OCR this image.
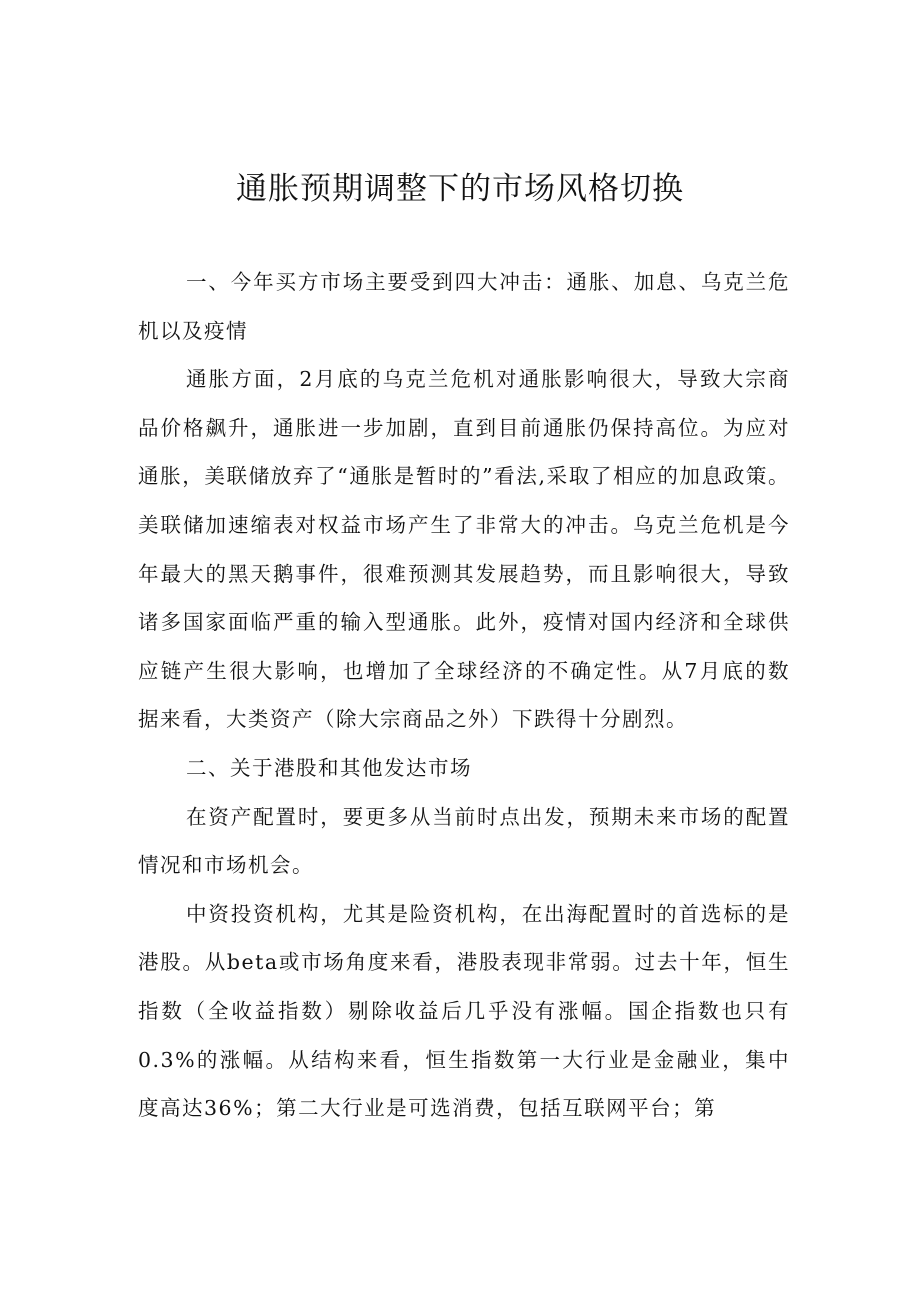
通胀预期调整下的市场风格切换

一、今年买方市场主要受到四大冲击：通胀、加息、乌克兰危机以及疫情

通胀方面，2月底的乌克兰危机对通胀影响很大，导致大宗商品价格飙升，通胀进一步加剧，直到目前通胀仍保持高位。为应对通胀，美联储放弃了“通胀是暂时的”看法,采取了相应的加息政策。美联储加速缩表对权益市场产生了非常大的冲击。乌克兰危机是今年最大的黑天鹅事件，很难预测其发展趋势，而且影响很大，导致诸多国家面临严重的输入型通胀。此外，疫情对国内经济和全球供应链产生很大影响，也增加了全球经济的不确定性。从7月底的数据来看，大类资产（除大宗商品之外）下跌得十分剧烈。

二、关于港股和其他发达市场

在资产配置时，要更多从当前时点出发，预期未来市场的配置情况和市场机会。

中资投资机构，尤其是险资机构，在出海配置时的首选标的是港股。从beta或市场角度来看，港股表现非常弱。过去十年，恒生指数（全收益指数）剔除收益后几乎没有涨幅。国企指数也只有0.3%的涨幅。从结构来看，恒生指数第一大行业是金融业，集中度高达36%；第二大行业是可选消费，包括互联网平台；第
